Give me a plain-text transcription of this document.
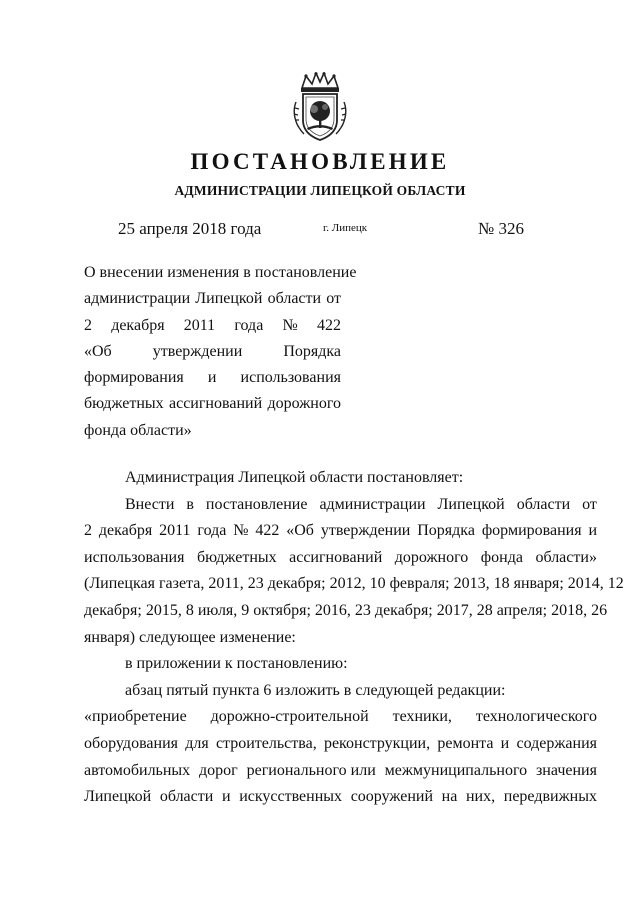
ПОСТАНОВЛЕНИЕ
АДМИНИСТРАЦИИ ЛИПЕЦКОЙ ОБЛАСТИ
25 апреля 2018 года	г. Липецк	№ 326
О внесении изменения в постановление
администрации Липецкой области от
2 декабря 2011 года № 422
«Об	утверждении	Порядка
формирования и использования
бюджетных ассигнований дорожного
фонда области»
Администрация Липецкой области постановляет:
Внести в постановление администрации Липецкой области от
2 декабря 2011 года № 422 «Об утверждении Порядка формирования и
использования бюджетных ассигнований дорожного фонда области»
(Липецкая газета, 2011, 23 декабря; 2012, 10 февраля; 2013, 18 января; 2014, 12
декабря; 2015, 8 июля, 9 октября; 2016, 23 декабря; 2017, 28 апреля; 2018, 26
января) следующее изменение:
в приложении к постановлению:
абзац пятый пункта 6 изложить в следующей редакции:
«приобретение дорожно-строительной техники, технологического
оборудования для строительства, реконструкции, ремонта и содержания
автомобильных дорог регионального или межмуниципального значения
Липецкой области и искусственных сооружений на них, передвижных
